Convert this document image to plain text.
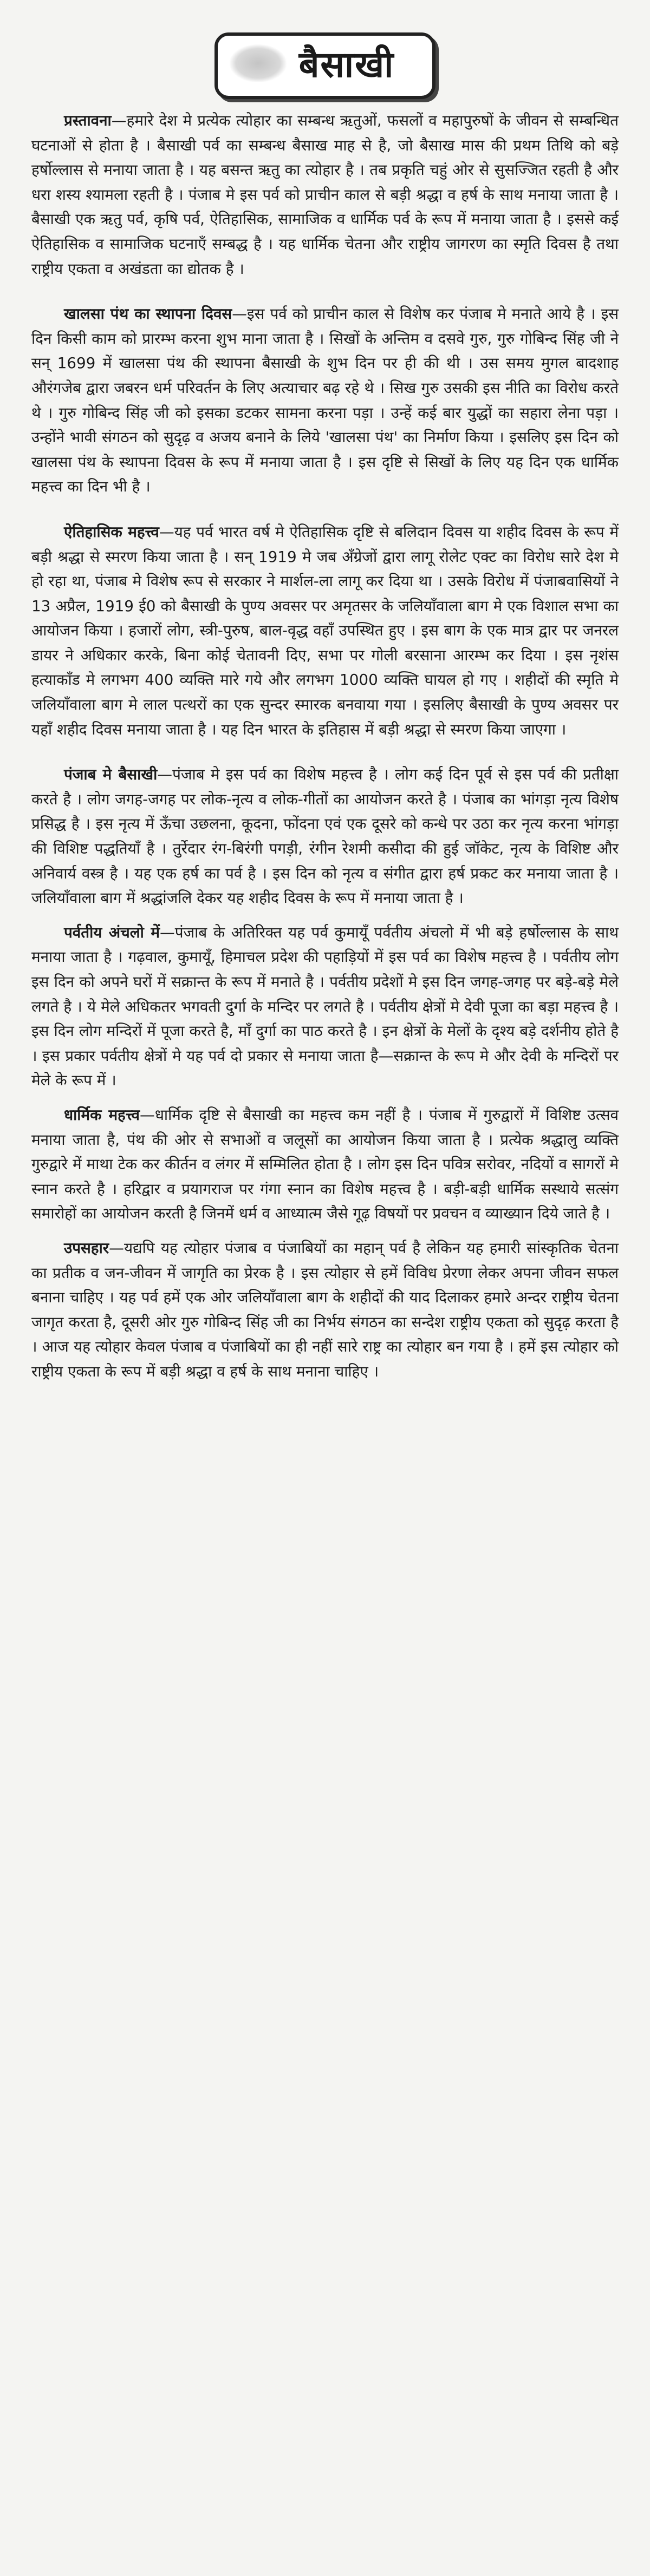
बैसाखी

प्रस्तावना—हमारे देश मे प्रत्येक त्योहार का सम्बन्ध ऋतुओं, फसलों व महापुरुषों के जीवन से सम्बन्धित घटनाओं से होता है । बैसाखी पर्व का सम्बन्ध बैसाख माह से है, जो बैसाख मास की प्रथम तिथि को बड़े हर्षोल्लास से मनाया जाता है । यह बसन्त ऋतु का त्योहार है । तब प्रकृति चहुं ओर से सुसज्जित रहती है और धरा शस्य श्यामला रहती है । पंजाब मे इस पर्व को प्राचीन काल से बड़ी श्रद्धा व हर्ष के साथ मनाया जाता है । बैसाखी एक ऋतु पर्व, कृषि पर्व, ऐतिहासिक, सामाजिक व धार्मिक पर्व के रूप में मनाया जाता है । इससे कई ऐतिहासिक व सामाजिक घटनाएँ सम्बद्ध है । यह धार्मिक चेतना और राष्ट्रीय जागरण का स्मृति दिवस है तथा राष्ट्रीय एकता व अखंडता का द्योतक है ।

खालसा पंथ का स्थापना दिवस—इस पर्व को प्राचीन काल से विशेष कर पंजाब मे मनाते आये है । इस दिन किसी काम को प्रारम्भ करना शुभ माना जाता है । सिखों के अन्तिम व दसवे गुरु, गुरु गोबिन्द सिंह जी ने सन् 1699 में खालसा पंथ की स्थापना बैसाखी के शुभ दिन पर ही की थी । उस समय मुगल बादशाह औरंगजेब द्वारा जबरन धर्म परिवर्तन के लिए अत्याचार बढ़ रहे थे । सिख गुरु उसकी इस नीति का विरोध करते थे । गुरु गोबिन्द सिंह जी को इसका डटकर सामना करना पड़ा । उन्हें कई बार युद्धों का सहारा लेना पड़ा । उन्होंने भावी संगठन को सुदृढ़ व अजय बनाने के लिये 'खालसा पंथ' का निर्माण किया । इसलिए इस दिन को खालसा पंथ के स्थापना दिवस के रूप में मनाया जाता है । इस दृष्टि से सिखों के लिए यह दिन एक धार्मिक महत्त्व का दिन भी है ।

ऐतिहासिक महत्त्व—यह पर्व भारत वर्ष मे ऐतिहासिक दृष्टि से बलिदान दिवस या शहीद दिवस के रूप में बड़ी श्रद्धा से स्मरण किया जाता है । सन् 1919 मे जब अँग्रेजों द्वारा लागू रोलेट एक्ट का विरोध सारे देश मे हो रहा था, पंजाब मे विशेष रूप से सरकार ने मार्शल-ला लागू कर दिया था । उसके विरोध में पंजाबवासियों ने 13 अप्रैल, 1919 ई0 को बैसाखी के पुण्य अवसर पर अमृतसर के जलियाँवाला बाग मे एक विशाल सभा का आयोजन किया । हजारों लोग, स्त्री-पुरुष, बाल-वृद्ध वहाँ उपस्थित हुए । इस बाग के एक मात्र द्वार पर जनरल डायर ने अधिकार करके, बिना कोई चेतावनी दिए, सभा पर गोली बरसाना आरम्भ कर दिया । इस नृशंस हत्याकाँड मे लगभग 400 व्यक्ति मारे गये और लगभग 1000 व्यक्ति घायल हो गए । शहीदों की स्मृति मे जलियाँवाला बाग मे लाल पत्थरों का एक सुन्दर स्मारक बनवाया गया । इसलिए बैसाखी के पुण्य अवसर पर यहाँ शहीद दिवस मनाया जाता है । यह दिन भारत के इतिहास में बड़ी श्रद्धा से स्मरण किया जाएगा ।

पंजाब मे बैसाखी—पंजाब मे इस पर्व का विशेष महत्त्व है । लोग कई दिन पूर्व से इस पर्व की प्रतीक्षा करते है । लोग जगह-जगह पर लोक-नृत्य व लोक-गीतों का आयोजन करते है । पंजाब का भांगड़ा नृत्य विशेष प्रसिद्ध है । इस नृत्य में ऊँचा उछलना, कूदना, फोंदना एवं एक दूसरे को कन्धे पर उठा कर नृत्य करना भांगड़ा की विशिष्ट पद्धतियाँ है । तुर्रेदार रंग-बिरंगी पगड़ी, रंगीन रेशमी कसीदा की हुई जॉकेट, नृत्य के विशिष्ट और अनिवार्य वस्त्र है । यह एक हर्ष का पर्व है । इस दिन को नृत्य व संगीत द्वारा हर्ष प्रकट कर मनाया जाता है । जलियाँवाला बाग में श्रद्धांजलि देकर यह शहीद दिवस के रूप में मनाया जाता है ।

पर्वतीय अंचलो में—पंजाब के अतिरिक्त यह पर्व कुमायूँ पर्वतीय अंचलो में भी बड़े हर्षोल्लास के साथ मनाया जाता है । गढ़वाल, कुमायूँ, हिमाचल प्रदेश की पहाड़ियों में इस पर्व का विशेष महत्त्व है । पर्वतीय लोग इस दिन को अपने घरों में सक्रान्त के रूप में मनाते है । पर्वतीय प्रदेशों मे इस दिन जगह-जगह पर बड़े-बड़े मेले लगते है । ये मेले अधिकतर भगवती दुर्गा के मन्दिर पर लगते है । पर्वतीय क्षेत्रों मे देवी पूजा का बड़ा महत्त्व है । इस दिन लोग मन्दिरों में पूजा करते है, माँ दुर्गा का पाठ करते है । इन क्षेत्रों के मेलों के दृश्य बड़े दर्शनीय होते है । इस प्रकार पर्वतीय क्षेत्रों मे यह पर्व दो प्रकार से मनाया जाता है—सक्रान्त के रूप मे और देवी के मन्दिरों पर मेले के रूप में ।

धार्मिक महत्त्व—धार्मिक दृष्टि से बैसाखी का महत्त्व कम नहीं है । पंजाब में गुरुद्वारों में विशिष्ट उत्सव मनाया जाता है, पंथ की ओर से सभाओं व जलूसों का आयोजन किया जाता है । प्रत्येक श्रद्धालु व्यक्ति गुरुद्वारे में माथा टेक कर कीर्तन व लंगर में सम्मिलित होता है । लोग इस दिन पवित्र सरोवर, नदियों व सागरों मे स्नान करते है । हरिद्वार व प्रयागराज पर गंगा स्नान का विशेष महत्त्व है । बड़ी-बड़ी धार्मिक सस्थाये सत्संग समारोहों का आयोजन करती है जिनमें धर्म व आध्यात्म जैसे गूढ़ विषयों पर प्रवचन व व्याख्यान दिये जाते है ।

उपसहार—यद्यपि यह त्योहार पंजाब व पंजाबियों का महान् पर्व है लेकिन यह हमारी सांस्कृतिक चेतना का प्रतीक व जन-जीवन में जागृति का प्रेरक है । इस त्योहार से हमें विविध प्रेरणा लेकर अपना जीवन सफल बनाना चाहिए । यह पर्व हमें एक ओर जलियाँवाला बाग के शहीदों की याद दिलाकर हमारे अन्दर राष्ट्रीय चेतना जागृत करता है, दूसरी ओर गुरु गोबिन्द सिंह जी का निर्भय संगठन का सन्देश राष्ट्रीय एकता को सुदृढ़ करता है । आज यह त्योहार केवल पंजाब व पंजाबियों का ही नहीं सारे राष्ट्र का त्योहार बन गया है । हमें इस त्योहार को राष्ट्रीय एकता के रूप में बड़ी श्रद्धा व हर्ष के साथ मनाना चाहिए ।
